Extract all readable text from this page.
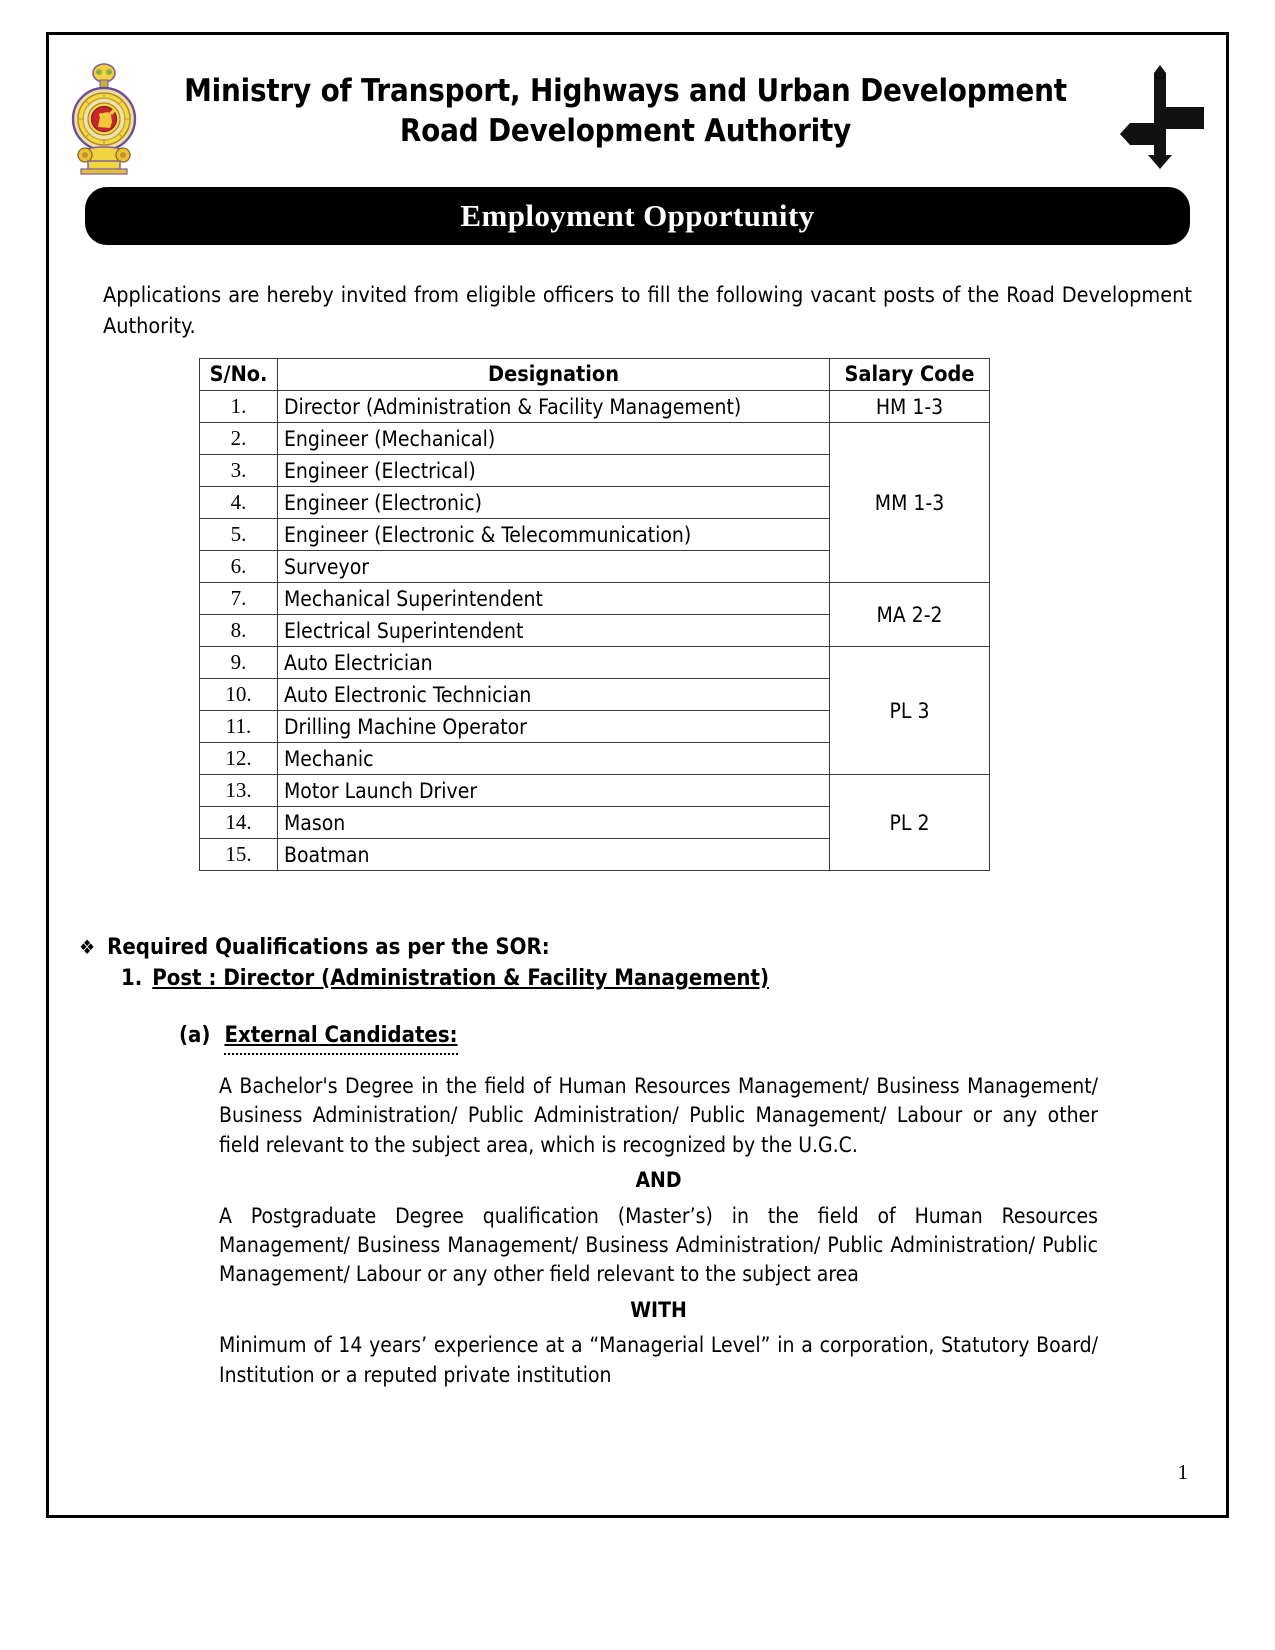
Ministry of Transport, Highways and Urban Development
Road Development Authority
Employment Opportunity
Applications are hereby invited from eligible officers to fill the following vacant posts of the Road Development Authority.
S/No.	Designation	Salary Code
1.	Director (Administration & Facility Management)	HM 1-3
2.	Engineer (Mechanical)	MM 1-3
3.	Engineer (Electrical)	
4.	Engineer (Electronic)	
5.	Engineer (Electronic & Telecommunication)	
6.	Surveyor	
7.	Mechanical Superintendent	MA 2-2
8.	Electrical Superintendent	
9.	Auto Electrician	PL 3
10.	Auto Electronic Technician	
11.	Drilling Machine Operator	
12.	Mechanic	
13.	Motor Launch Driver	PL 2
14.	Mason	
15.	Boatman	
❖ Required Qualifications as per the SOR:
1. Post : Director (Administration & Facility Management)
(a) External Candidates:

A Bachelor's Degree in the field of Human Resources Management/ Business Management/ Business Administration/ Public Administration/ Public Management/ Labour or any other field relevant to the subject area, which is recognized by the U.G.C.

AND

A Postgraduate Degree qualification (Master’s) in the field of Human Resources Management/ Business Management/ Business Administration/ Public Administration/ Public Management/ Labour or any other field relevant to the subject area

WITH

Minimum of 14 years’ experience at a “Managerial Level” in a corporation, Statutory Board/ Institution or a reputed private institution

1
